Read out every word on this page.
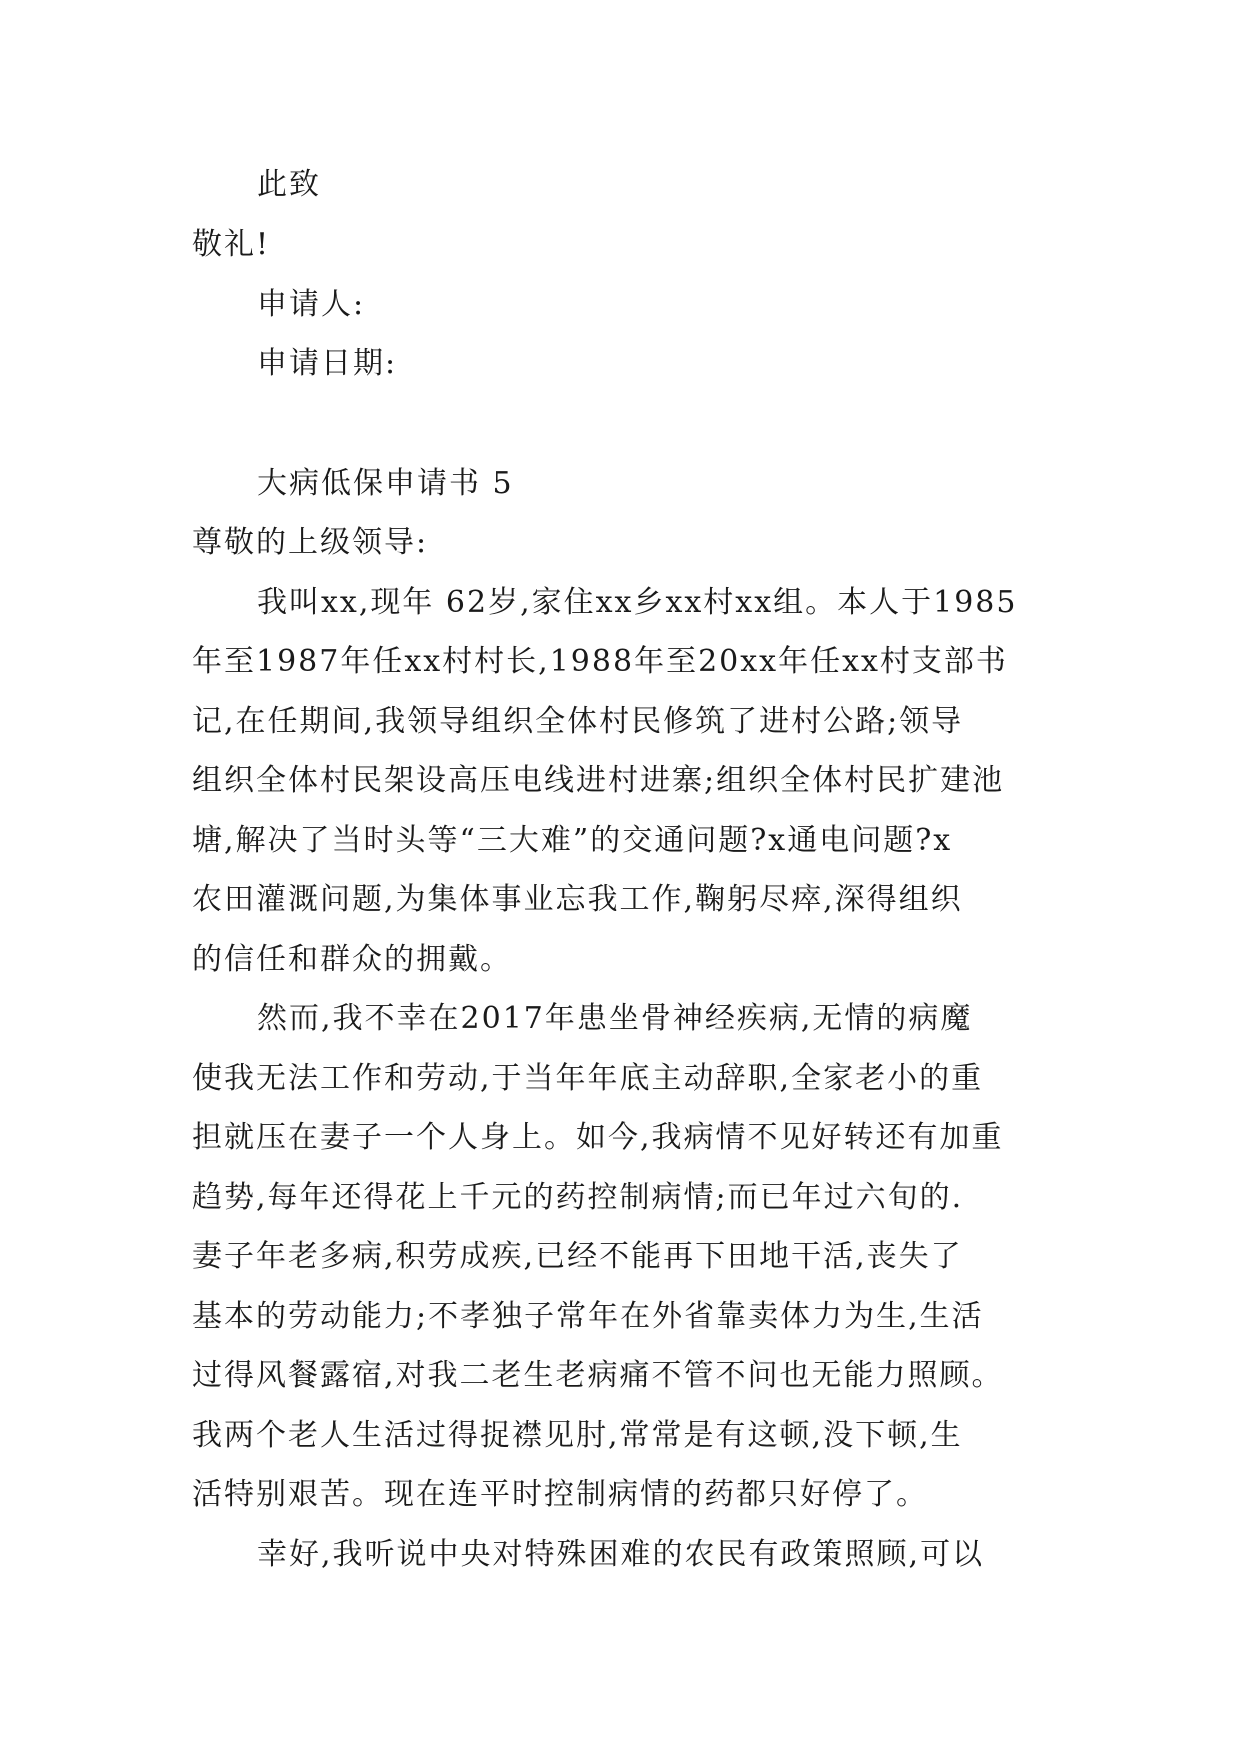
此致
敬礼!
申请人:
申请日期:
大病低保申请书 5
尊敬的上级领导:
我叫xx,现年 62岁,家住xx乡xx村xx组。本人于1985
年至1987年任xx村村长,1988年至20xx年任xx村支部书
记,在任期间,我领导组织全体村民修筑了进村公路;领导
组织全体村民架设高压电线进村进寨;组织全体村民扩建池
塘,解决了当时头等“三大难”的交通问题?x通电问题?x
农田灌溉问题,为集体事业忘我工作,鞠躬尽瘁,深得组织
的信任和群众的拥戴。
然而,我不幸在2017年患坐骨神经疾病,无情的病魔
使我无法工作和劳动,于当年年底主动辞职,全家老小的重
担就压在妻子一个人身上。如今,我病情不见好转还有加重
趋势,每年还得花上千元的药控制病情;而已年过六旬的.
妻子年老多病,积劳成疾,已经不能再下田地干活,丧失了
基本的劳动能力;不孝独子常年在外省靠卖体力为生,生活
过得风餐露宿,对我二老生老病痛不管不问也无能力照顾。
我两个老人生活过得捉襟见肘,常常是有这顿,没下顿,生
活特别艰苦。现在连平时控制病情的药都只好停了。
幸好,我听说中央对特殊困难的农民有政策照顾,可以
